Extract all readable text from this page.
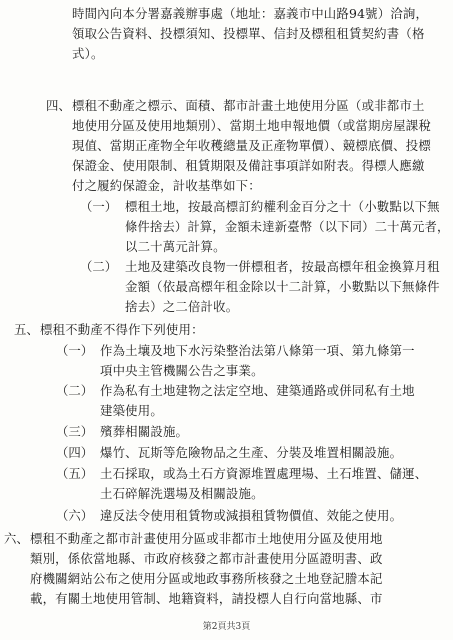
時間內向本分署嘉義辦事處（地址：嘉義市中山路94號）洽詢，
領取公告資料、投標須知、投標單、信封及標租租賃契約書（格
式）。
四、 標租不動產之標示、面積、都市計畫土地使用分區（或非都市土
地使用分區及使用地類別）、當期土地申報地價（或當期房屋課稅
現值、當期正產物全年收穫總量及正產物單價）、競標底價、投標
保證金、使用限制、租賃期限及備註事項詳如附表。得標人應繳
付之履約保證金，計收基準如下：
（一） 標租土地，按最高標訂約權利金百分之十（小數點以下無
條件捨去）計算，金額未達新臺幣（以下同）二十萬元者，
以二十萬元計算。
（二） 土地及建築改良物一併標租者，按最高標年租金換算月租
金額（依最高標年租金除以十二計算，小數點以下無條件
捨去）之二倍計收。
五、 標租不動產不得作下列使用：
（一） 作為土壤及地下水污染整治法第八條第一項、第九條第一
項中央主管機關公告之事業。
（二） 作為私有土地建物之法定空地、建築通路或併同私有土地
建築使用。
（三） 殯葬相關設施。
（四） 爆竹、瓦斯等危險物品之生產、分裝及堆置相關設施。
（五） 土石採取，或為土石方資源堆置處理場、土石堆置、儲運、
土石碎解洗選場及相關設施。
（六） 違反法令使用租賃物或減損租賃物價值、效能之使用。
六、 標租不動產之都市計畫使用分區或非都市土地使用分區及使用地
類別，係依當地縣、市政府核發之都市計畫使用分區證明書、政
府機關網站公布之使用分區或地政事務所核發之土地登記謄本記
載，有關土地使用管制、地籍資料，請投標人自行向當地縣、市
第2頁共3頁
